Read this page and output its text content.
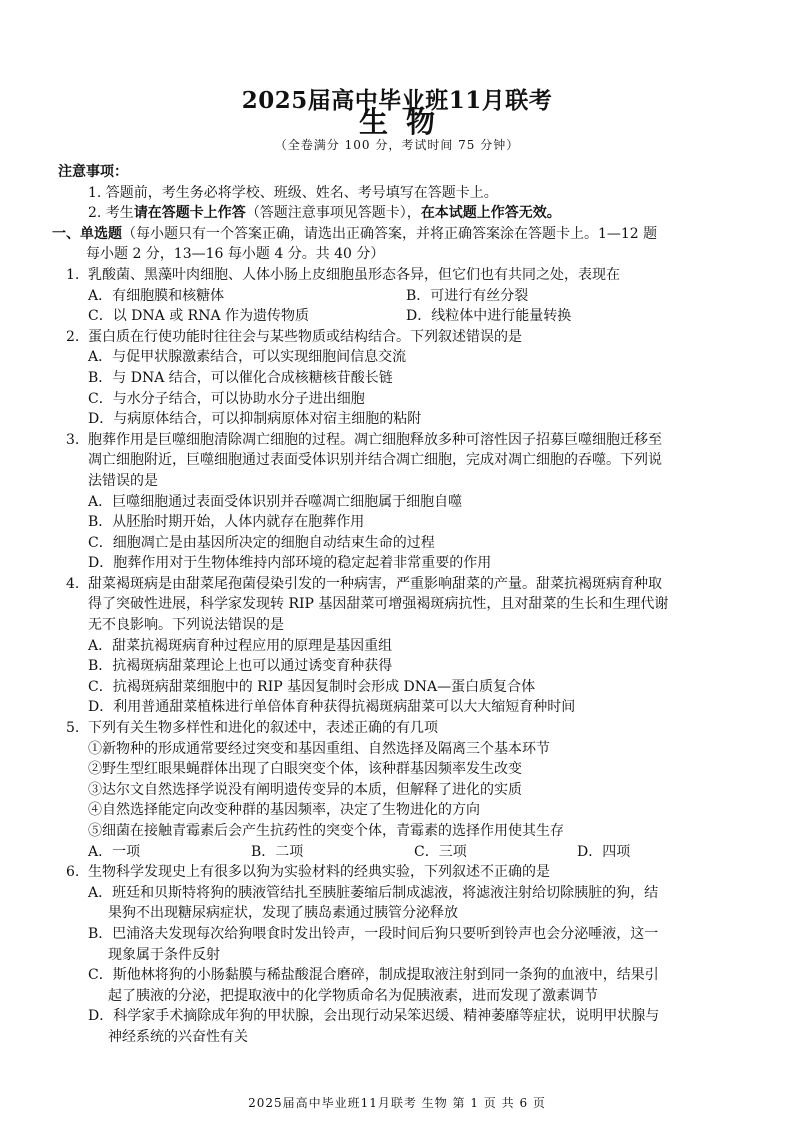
2025届高中毕业班11月联考
生物
（全卷满分 100 分，考试时间 75 分钟）
注意事项：
1. 答题前，考生务必将学校、班级、姓名、考号填写在答题卡上。
2. 考生请在答题卡上作答（答题注意事项见答题卡），在本试题上作答无效。
一、单选题（每小题只有一个答案正确，请选出正确答案，并将正确答案涂在答题卡上。1—12 题
每小题 2 分，13—16 每小题 4 分。共 40 分）
1. 乳酸菌、黑藻叶肉细胞、人体小肠上皮细胞虽形态各异，但它们也有共同之处，表现在
A．有细胞膜和核糖体	B．可进行有丝分裂
C．以 DNA 或 RNA 作为遗传物质	D．线粒体中进行能量转换
2. 蛋白质在行使功能时往往会与某些物质或结构结合。下列叙述错误的是
A．与促甲状腺激素结合，可以实现细胞间信息交流
B．与 DNA 结合，可以催化合成核糖核苷酸长链
C．与水分子结合，可以协助水分子进出细胞
D．与病原体结合，可以抑制病原体对宿主细胞的粘附
3. 胞葬作用是巨噬细胞清除凋亡细胞的过程。凋亡细胞释放多种可溶性因子招募巨噬细胞迁移至
凋亡细胞附近，巨噬细胞通过表面受体识别并结合凋亡细胞，完成对凋亡细胞的吞噬。下列说
法错误的是
A．巨噬细胞通过表面受体识别并吞噬凋亡细胞属于细胞自噬
B．从胚胎时期开始，人体内就存在胞葬作用
C．细胞凋亡是由基因所决定的细胞自动结束生命的过程
D．胞葬作用对于生物体维持内部环境的稳定起着非常重要的作用
4. 甜菜褐斑病是由甜菜尾孢菌侵染引发的一种病害，严重影响甜菜的产量。甜菜抗褐斑病育种取
得了突破性进展，科学家发现转 RIP 基因甜菜可增强褐斑病抗性，且对甜菜的生长和生理代谢
无不良影响。下列说法错误的是
A．甜菜抗褐斑病育种过程应用的原理是基因重组
B．抗褐斑病甜菜理论上也可以通过诱变育种获得
C．抗褐斑病甜菜细胞中的 RIP 基因复制时会形成 DNA—蛋白质复合体
D．利用普通甜菜植株进行单倍体育种获得抗褐斑病甜菜可以大大缩短育种时间
5. 下列有关生物多样性和进化的叙述中，表述正确的有几项
①新物种的形成通常要经过突变和基因重组、自然选择及隔离三个基本环节
②野生型红眼果蝇群体出现了白眼突变个体，该种群基因频率发生改变
③达尔文自然选择学说没有阐明遗传变异的本质，但解释了进化的实质
④自然选择能定向改变种群的基因频率，决定了生物进化的方向
⑤细菌在接触青霉素后会产生抗药性的突变个体，青霉素的选择作用使其生存
A．一项	B．二项	C．三项	D．四项
6. 生物科学发现史上有很多以狗为实验材料的经典实验，下列叙述不正确的是
A．班廷和贝斯特将狗的胰液管结扎至胰脏萎缩后制成滤液，将滤液注射给切除胰脏的狗，结
果狗不出现糖尿病症状，发现了胰岛素通过胰管分泌释放
B．巴浦洛夫发现每次给狗喂食时发出铃声，一段时间后狗只要听到铃声也会分泌唾液，这一
现象属于条件反射
C．斯他林将狗的小肠黏膜与稀盐酸混合磨碎，制成提取液注射到同一条狗的血液中，结果引
起了胰液的分泌，把提取液中的化学物质命名为促胰液素，进而发现了激素调节
D．科学家手术摘除成年狗的甲状腺，会出现行动呆笨迟缓、精神萎靡等症状，说明甲状腺与
神经系统的兴奋性有关
2025届高中毕业班11月联考 生物 第 1 页 共 6 页
